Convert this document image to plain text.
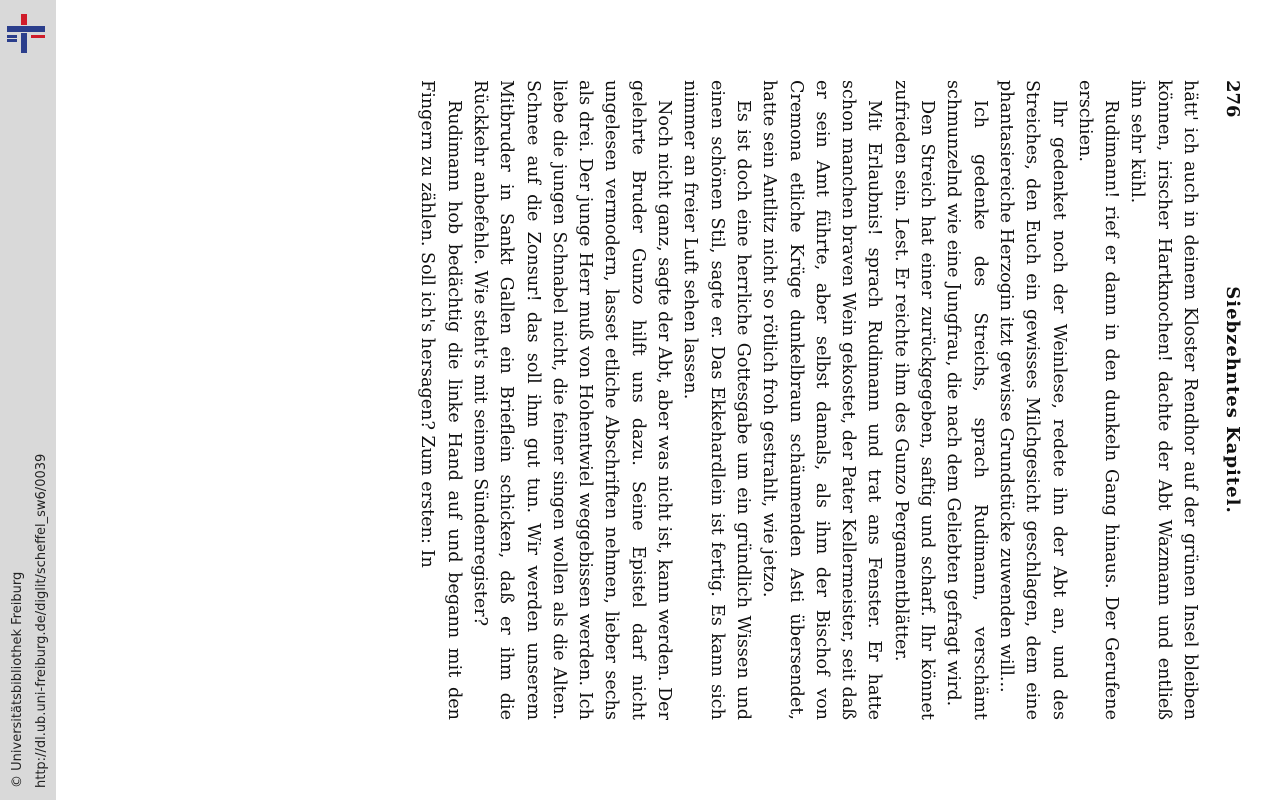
http://dl.ub.uni-freiburg.de/diglit/scheffel_sw6/0039
© Universitätsbibliothek Freiburg
276
Siebzehntes Kapitel.

hätt' ich auch in deinem Kloster Rendhor auf der grünen Insel bleiben können, irischer Hartknochen! dachte der Abt Wazmann und entließ ihn sehr kühl.

Rudimann! rief er dann in den dunkeln Gang hinaus. Der Gerufene erschien.

Ihr gedenket noch der Weinlese, redete ihn der Abt an, und des Streiches, den Euch ein gewisses Milchgesicht geschlagen, dem eine phantasiereiche Herzogin itzt gewisse Grundstücke zuwenden will...

Ich gedenke des Streichs, sprach Rudimann, verschämt schmunzelnd wie eine Jungfrau, die nach dem Geliebten gefragt wird.

Den Streich hat einer zurückgegeben, saftig und scharf. Ihr könnet zufrieden sein. Lest. Er reichte ihm des Gunzo Pergamentblätter.

Mit Erlaubnis! sprach Rudimann und trat ans Fenster. Er hatte schon manchen braven Wein gekostet, der Pater Kellermeister, seit daß er sein Amt führte, aber selbst damals, als ihm der Bischof von Cremona etliche Krüge dunkelbraun schäumenden Asti übersendet, hatte sein Antlitz nicht so rötlich froh gestrahlt, wie jetzo.

Es ist doch eine herrliche Gottesgabe um ein gründlich Wissen und einen schönen Stil, sagte er. Das Ekkehardlein ist fertig. Es kann sich nimmer an freier Luft sehen lassen.

Noch nicht ganz, sagte der Abt, aber was nicht ist, kann werden. Der gelehrte Bruder Gunzo hilft uns dazu. Seine Epistel darf nicht ungelesen vermodern, lasset etliche Abschriften nehmen, lieber sechs als drei. Der junge Herr muß von Hohentwiel weggebissen werden. Ich liebe die jungen Schnabel nicht, die feiner singen wollen als die Alten. Schnee auf die Zonsur! das soll ihm gut tun. Wir werden unserem Mitbruder in Sankt Gallen ein Brieflein schicken, daß er ihm die Rückkehr anbefehle. Wie steht's mit seinem Sündenregister?

Rudimann hob bedächtig die linke Hand auf und begann mit den Fingern zu zählen. Soll ich's hersagen? Zum ersten: In
